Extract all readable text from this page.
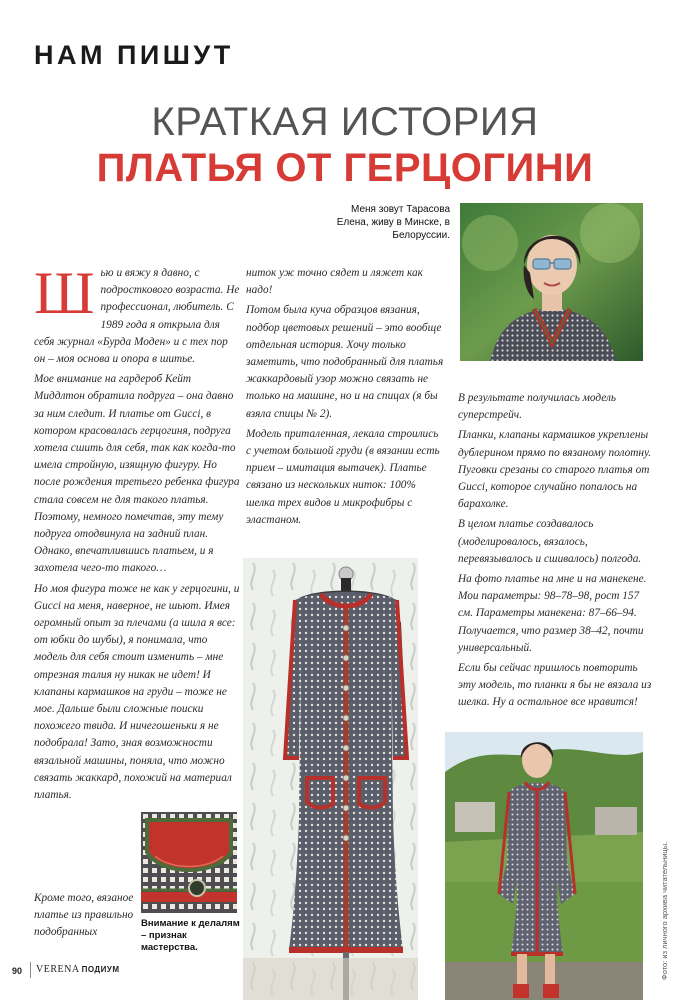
НАМ ПИШУТ
КРАТКАЯ ИСТОРИЯ
ПЛАТЬЯ ОТ ГЕРЦОГИНИ
Меня зовут Тарасова Елена, живу в Минске, в Белоруссии.
Ш ью и вяжу я давно, с подросткового возраста. Не профессионал, любитель. С 1989 года я открыла для себя журнал «Бурда Моден» и с тех пор он – моя основа и опора в шитье.

Мое внимание на гардероб Кейт Миддлтон обратила подруга – она давно за ним следит. И платье от Gucci, в котором красовалась герцогиня, подруга хотела сшить для себя, так как когда-то имела стройную, изящную фигуру. Но после рождения третьего ребенка фигура стала совсем не для такого платья. Поэтому, немного помечтав, эту тему подруга отодвинула на задний план. Однако, впечатлившись платьем, и я захотела чего-то такого…

Но моя фигура тоже не как у герцогини, и Gucci на меня, наверное, не шьют. Имея огромный опыт за плечами (а шила я все: от юбки до шубы), я понимала, что модель для себя стоит изменить – мне отрезная талия ну никак не идет! И клапаны кармашков на груди – тоже не мое. Дальше были сложные поиски похожего твида. И ничегошеньки я не подобрала! Зато, зная возможности вязальной машины, поняла, что можно связать жаккард, похожий на материал платья.

Кроме того, вязаное платье из правильно подобранных

ниток уж точно сядет и ляжет как надо!

Потом была куча образцов вязания, подбор цветовых решений – это вообще отдельная история. Хочу только заметить, что подобранный для платья жаккардовый узор можно связать не только на машине, но и на спицах (я бы взяла спицы № 2).

Модель приталенная, лекала строились с учетом большой груди (в вязании есть прием – имитация вытачек). Платье связано из нескольких ниток: 100% шелка трех видов и микрофибры с эластаном.

В результате получилась модель суперстрейч.

Планки, клапаны кармашков укреплены дублерином прямо по вязаному полотну. Пуговки срезаны со старого платья от Gucci, которое случайно попалось на барахолке.

В целом платье создавалось (моделировалось, вязалось, перевязывалось и сшивалось) полгода.

На фото платье на мне и на манекене. Мои параметры: 98–78–98, рост 157 см. Параметры манекена: 87–66–94. Получается, что размер 38–42, почти универсальный.

Если бы сейчас пришлось повторить эту модель, то планки я бы не вязала из шелка. Ну а остальное все нравится!

Внимание к делалям – признак мастерства.
90 VERENA ПОДИУМ	Фото: из личного архива читательницы.
